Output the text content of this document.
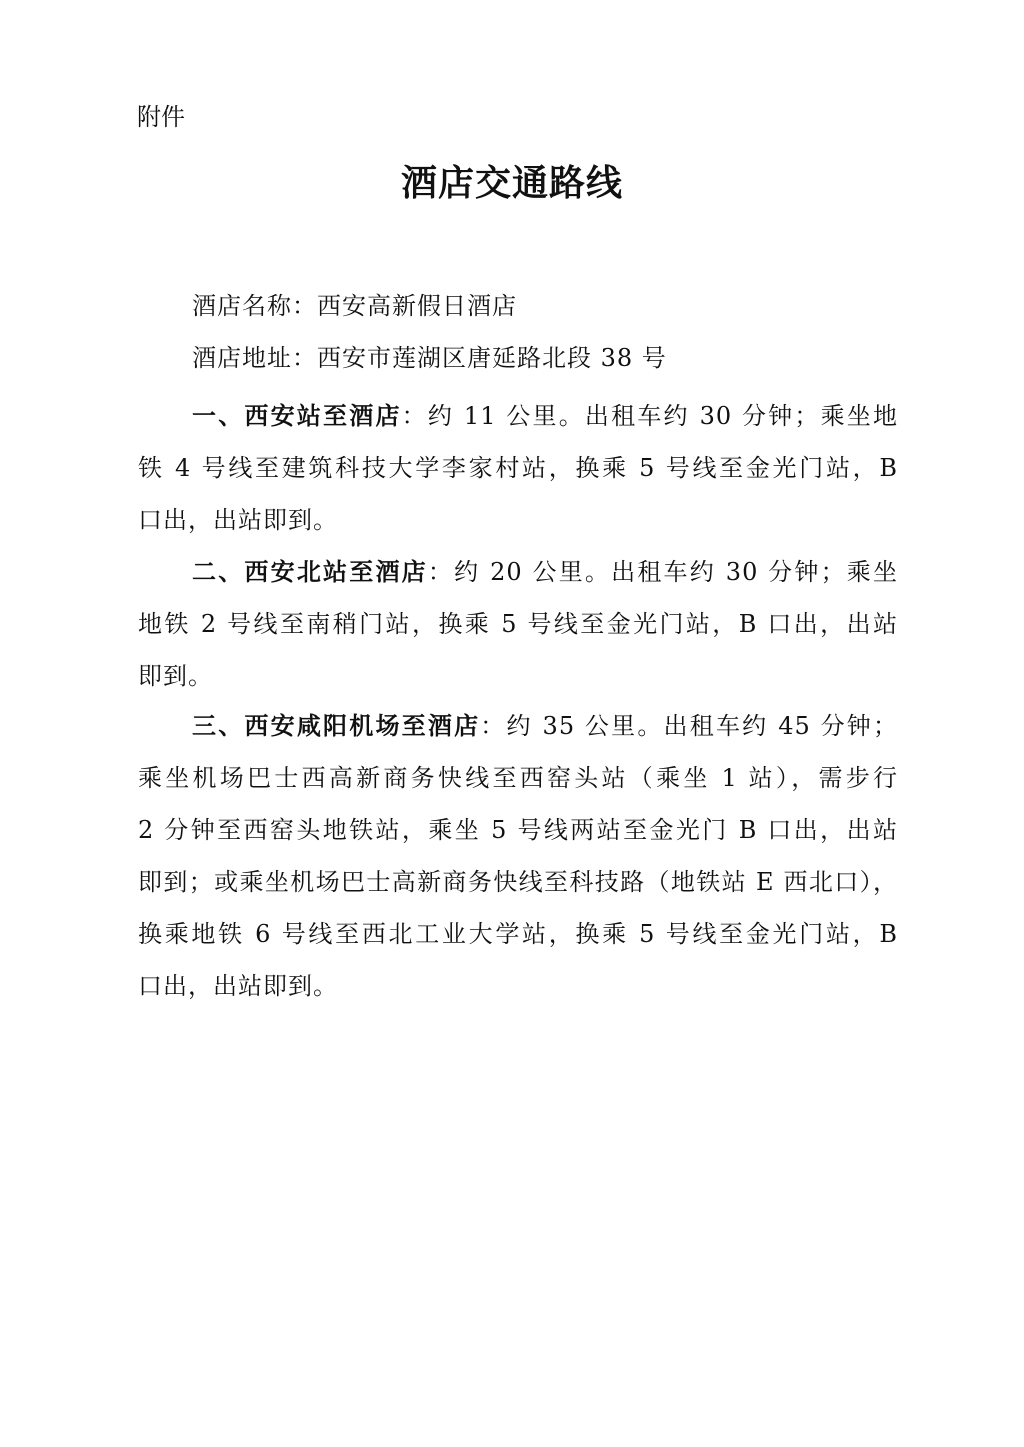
附件
酒店交通路线
酒店名称：西安高新假日酒店
酒店地址：西安市莲湖区唐延路北段 38 号
一、西安站至酒店：约 11 公里。出租车约 30 分钟；乘坐地
铁 4 号线至建筑科技大学李家村站，换乘 5 号线至金光门站，B
口出，出站即到。
二、西安北站至酒店：约 20 公里。出租车约 30 分钟；乘坐
地铁 2 号线至南稍门站，换乘 5 号线至金光门站，B 口出，出站
即到。
三、西安咸阳机场至酒店：约 35 公里。出租车约 45 分钟；
乘坐机场巴士西高新商务快线至西窑头站（乘坐 1 站），需步行
2 分钟至西窑头地铁站，乘坐 5 号线两站至金光门 B 口出，出站
即到；或乘坐机场巴士高新商务快线至科技路（地铁站 E 西北口），
换乘地铁 6 号线至西北工业大学站，换乘 5 号线至金光门站，B
口出，出站即到。
